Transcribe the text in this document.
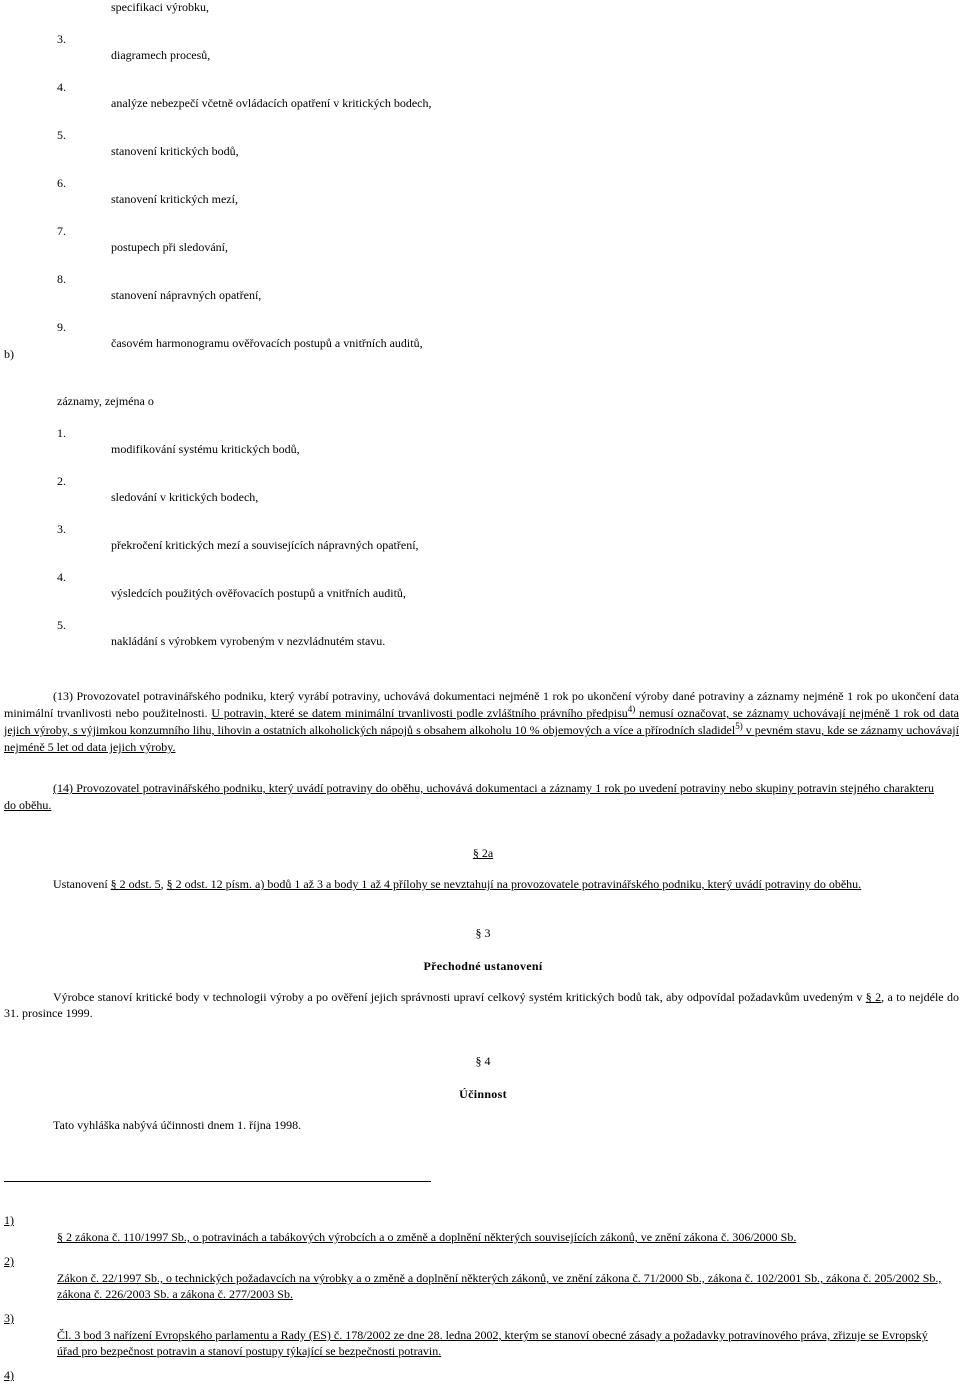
specifikaci výrobku,
3.
diagramech procesů,
4.
analýze nebezpečí včetně ovládacích opatření v kritických bodech,
5.
stanovení kritických bodů,
6.
stanovení kritických mezí,
7.
postupech při sledování,
8.
stanovení nápravných opatření,
9.
časovém harmonogramu ověřovacích postupů a vnitřních auditů,
b)
záznamy, zejména o
1.
modifikování systému kritických bodů,
2.
sledování v kritických bodech,
3.
překročení kritických mezí a souvisejících nápravných opatření,
4.
výsledcích použitých ověřovacích postupů a vnitřních auditů,
5.
nakládání s výrobkem vyrobeným v nezvládnutém stavu.
(13) Provozovatel potravinářského podniku, který vyrábí potraviny, uchovává dokumentaci nejméně 1 rok po ukončení výroby dané potraviny a záznamy nejméně 1 rok po ukončení data minimální trvanlivosti nebo použitelnosti. U potravin, které se datem minimální trvanlivosti podle zvláštního právního předpisu$^{4)}$ nemusí označovat, se záznamy uchovávají nejméně 1 rok od data jejich výroby, s výjimkou konzumního lihu, lihovin a ostatních alkoholických nápojů s obsahem alkoholu 10 % objemových a více a přírodních sladidel$^{5)}$ v pevném stavu, kde se záznamy uchovávají nejméně 5 let od data jejich výroby.
(14) Provozovatel potravinářského podniku, který uvádí potraviny do oběhu, uchovává dokumentaci a záznamy 1 rok po uvedení potraviny nebo skupiny potravin stejného charakteru do oběhu.
§ 2a
Ustanovení § 2 odst. 5, § 2 odst. 12 písm. a) bodů 1 až 3 a body 1 až 4 přílohy se nevztahují na provozovatele potravinářského podniku, který uvádí potraviny do oběhu.
§ 3
Přechodné ustanovení
Výrobce stanoví kritické body v technologii výroby a po ověření jejich správnosti upraví celkový systém kritických bodů tak, aby odpovídal požadavkům uvedeným v § 2, a to nejdéle do 31. prosince 1999.
§ 4
Účinnost
Tato vyhláška nabývá účinnosti dnem 1. října 1998.
1)
§ 2 zákona č. 110/1997 Sb., o potravinách a tabákových výrobcích a o změně a doplnění některých souvisejících zákonů, ve znění zákona č. 306/2000 Sb.
2)
Zákon č. 22/1997 Sb., o technických požadavcích na výrobky a o změně a doplnění některých zákonů, ve znění zákona č. 71/2000 Sb., zákona č. 102/2001 Sb., zákona č. 205/2002 Sb., zákona č. 226/2003 Sb. a zákona č. 277/2003 Sb.
3)
Čl. 3 bod 3 nařízení Evropského parlamentu a Rady (ES) č. 178/2002 ze dne 28. ledna 2002, kterým se stanoví obecné zásady a požadavky potravinového práva, zřizuje se Evropský úřad pro bezpečnost potravin a stanoví postupy týkající se bezpečnosti potravin.
4)
